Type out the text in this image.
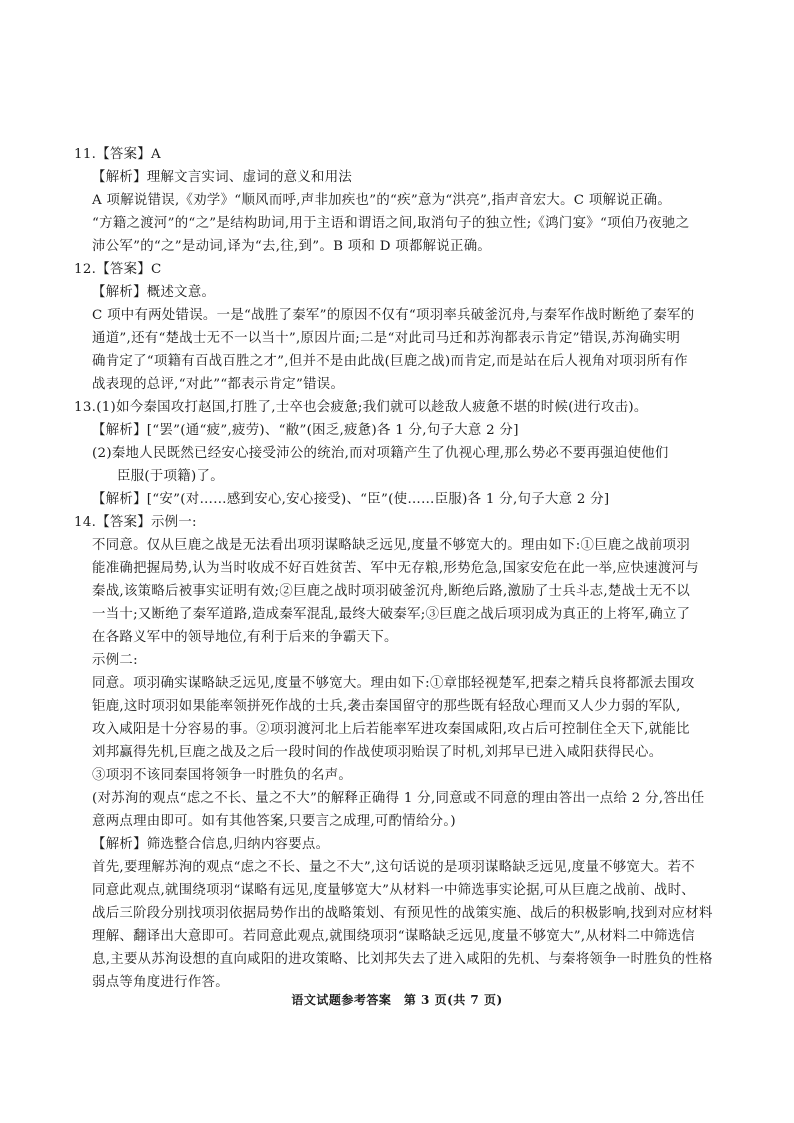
11.【答案】A
【解析】理解文言实词、虚词的意义和用法
A 项解说错误,《劝学》“顺风而呼,声非加疾也”的“疾”意为“洪亮”,指声音宏大。C 项解说正确。
“方籍之渡河”的“之”是结构助词,用于主语和谓语之间,取消句子的独立性;《鸿门宴》“项伯乃夜驰之
沛公军”的“之”是动词,译为“去,往,到”。B 项和 D 项都解说正确。
12.【答案】C
【解析】概述文意。
C 项中有两处错误。一是“战胜了秦军”的原因不仅有“项羽率兵破釜沉舟,与秦军作战时断绝了秦军的
通道”,还有“楚战士无不一以当十”,原因片面;二是“对此司马迁和苏洵都表示肯定”错误,苏洵确实明
确肯定了“项籍有百战百胜之才”,但并不是由此战(巨鹿之战)而肯定,而是站在后人视角对项羽所有作
战表现的总评,“对此”“都表示肯定”错误。
13.(1)如今秦国攻打赵国,打胜了,士卒也会疲惫;我们就可以趁敌人疲惫不堪的时候(进行攻击)。
【解析】[“罢”(通“疲”,疲劳)、“敝”(困乏,疲惫)各 1 分,句子大意 2 分]
(2)秦地人民既然已经安心接受沛公的统治,而对项籍产生了仇视心理,那么势必不要再强迫使他们
臣服(于项籍)了。
【解析】[“安”(对……感到安心,安心接受)、“臣”(使……臣服)各 1 分,句子大意 2 分]
14.【答案】示例一:
不同意。仅从巨鹿之战是无法看出项羽谋略缺乏远见,度量不够宽大的。理由如下:①巨鹿之战前项羽
能准确把握局势,认为当时收成不好百姓贫苦、军中无存粮,形势危急,国家安危在此一举,应快速渡河与
秦战,该策略后被事实证明有效;②巨鹿之战时项羽破釜沉舟,断绝后路,激励了士兵斗志,楚战士无不以
一当十;又断绝了秦军道路,造成秦军混乱,最终大破秦军;③巨鹿之战后项羽成为真正的上将军,确立了
在各路义军中的领导地位,有利于后来的争霸天下。
示例二:
同意。项羽确实谋略缺乏远见,度量不够宽大。理由如下:①章邯轻视楚军,把秦之精兵良将都派去围攻
钜鹿,这时项羽如果能率领拼死作战的士兵,袭击秦国留守的那些既有轻敌心理而又人少力弱的军队,
攻入咸阳是十分容易的事。②项羽渡河北上后若能率军进攻秦国咸阳,攻占后可控制住全天下,就能比
刘邦赢得先机,巨鹿之战及之后一段时间的作战使项羽贻误了时机,刘邦早已进入咸阳获得民心。
③项羽不该同秦国将领争一时胜负的名声。
(对苏洵的观点“虑之不长、量之不大”的解释正确得 1 分,同意或不同意的理由答出一点给 2 分,答出任
意两点理由即可。如有其他答案,只要言之成理,可酌情给分。)
【解析】筛选整合信息,归纳内容要点。
首先,要理解苏洵的观点“虑之不长、量之不大”,这句话说的是项羽谋略缺乏远见,度量不够宽大。若不
同意此观点,就围绕项羽“谋略有远见,度量够宽大”从材料一中筛选事实论据,可从巨鹿之战前、战时、
战后三阶段分别找项羽依据局势作出的战略策划、有预见性的战策实施、战后的积极影响,找到对应材料
理解、翻译出大意即可。若同意此观点,就围绕项羽“谋略缺乏远见,度量不够宽大”,从材料二中筛选信
息,主要从苏洵设想的直向咸阳的进攻策略、比刘邦失去了进入咸阳的先机、与秦将领争一时胜负的性格
弱点等角度进行作答。
语文试题参考答案　第 3 页(共 7 页)
